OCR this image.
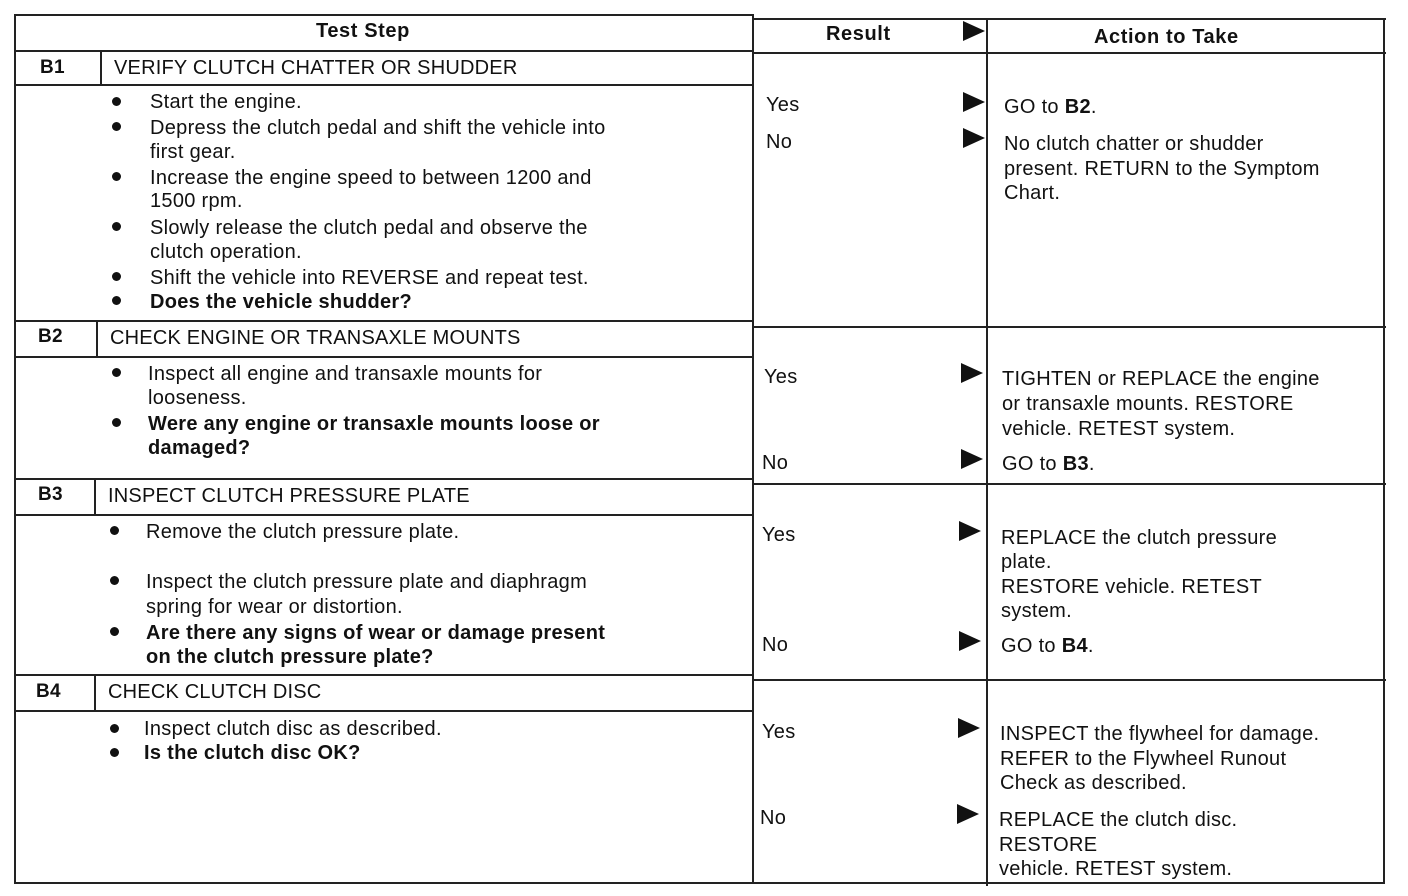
Test Step	Result	Action to Take
B1 VERIFY CLUTCH CHATTER OR SHUDDER
Start the engine.
Depress the clutch pedal and shift the vehicle into
first gear.
Increase the engine speed to between 1200 and
1500 rpm.
Slowly release the clutch pedal and observe the
clutch operation.
Shift the vehicle into REVERSE and repeat test.
Does the vehicle shudder?
Yes	GO to B2.
No	No clutch chatter or shudder
present. RETURN to the Symptom
Chart.
B2 CHECK ENGINE OR TRANSAXLE MOUNTS
Inspect all engine and transaxle mounts for
looseness.
Were any engine or transaxle mounts loose or
damaged?
Yes	TIGHTEN or REPLACE the engine
or transaxle mounts. RESTORE
vehicle. RETEST system.
No	GO to B3.
B3 INSPECT CLUTCH PRESSURE PLATE
Remove the clutch pressure plate.
Inspect the clutch pressure plate and diaphragm
spring for wear or distortion.
Are there any signs of wear or damage present
on the clutch pressure plate?
Yes	REPLACE the clutch pressure
plate.
RESTORE vehicle. RETEST
system.
No	GO to B4.
B4 CHECK CLUTCH DISC
Inspect clutch disc as described.
Is the clutch disc OK?
Yes	INSPECT the flywheel for damage.
REFER to the Flywheel Runout
Check as described.
No	REPLACE the clutch disc.
RESTORE
vehicle. RETEST system.
